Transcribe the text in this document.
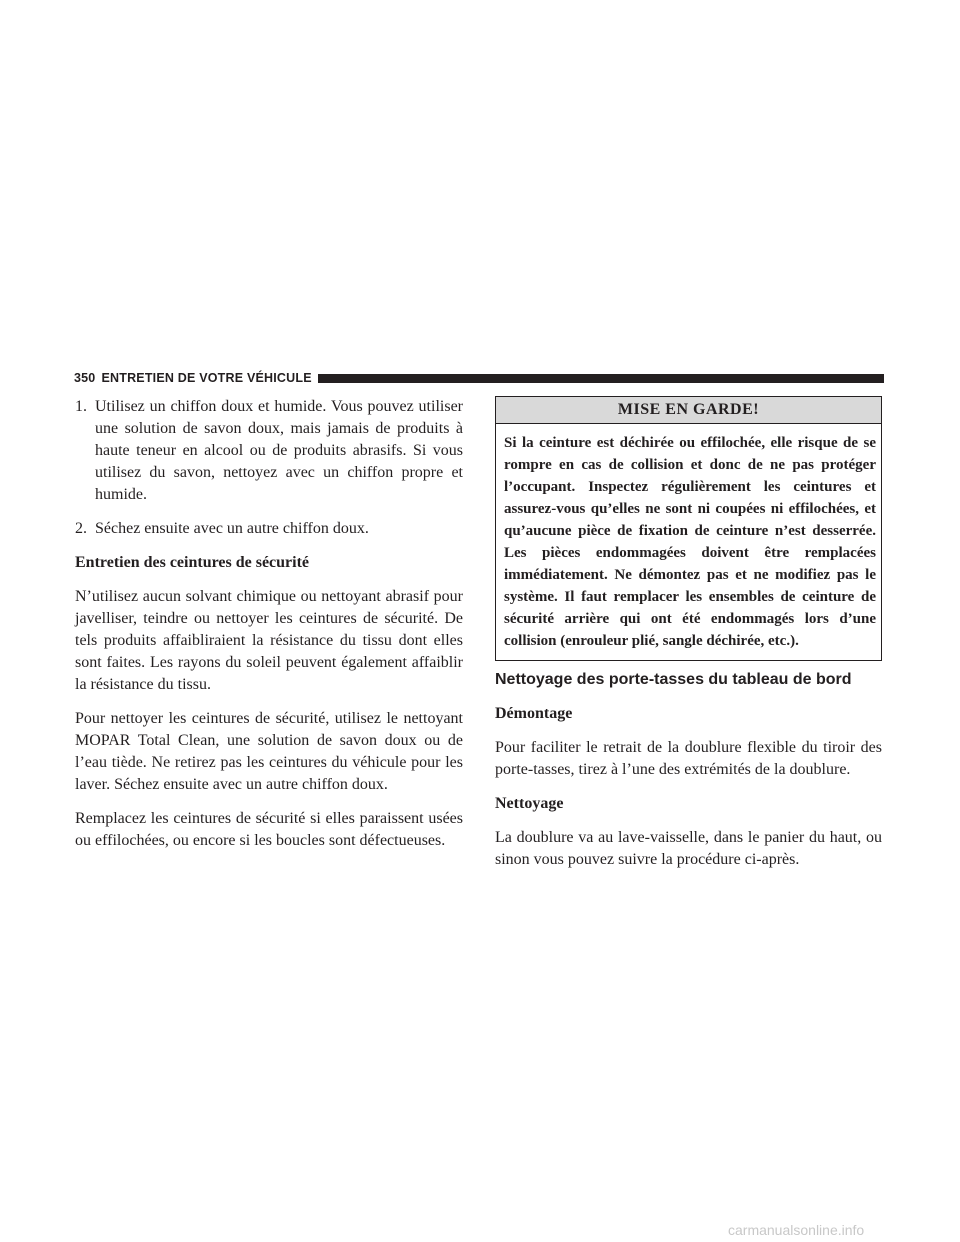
350 ENTRETIEN DE VOTRE VÉHICULE
1. Utilisez un chiffon doux et humide. Vous pouvez utiliser une solution de savon doux, mais jamais de produits à haute teneur en alcool ou de produits abrasifs. Si vous utilisez du savon, nettoyez avec un chiffon propre et humide.
2. Séchez ensuite avec un autre chiffon doux.

Entretien des ceintures de sécurité

N’utilisez aucun solvant chimique ou nettoyant abrasif pour javelliser, teindre ou nettoyer les ceintures de sécurité. De tels produits affaibliraient la résistance du tissu dont elles sont faites. Les rayons du soleil peuvent également affaiblir la résistance du tissu.

Pour nettoyer les ceintures de sécurité, utilisez le nettoyant MOPAR Total Clean, une solution de savon doux ou de l’eau tiède. Ne retirez pas les ceintures du véhicule pour les laver. Séchez ensuite avec un autre chiffon doux.

Remplacez les ceintures de sécurité si elles paraissent usées ou effilochées, ou encore si les boucles sont défectueuses.

MISE EN GARDE!
Si la ceinture est déchirée ou effilochée, elle risque de se rompre en cas de collision et donc de ne pas protéger l’occupant. Inspectez régulièrement les ceintures et assurez-vous qu’elles ne sont ni coupées ni effilochées, et qu’aucune pièce de fixation de ceinture n’est desserrée. Les pièces endommagées doivent être remplacées immédiatement. Ne démontez pas et ne modifiez pas le système. Il faut remplacer les ensembles de ceinture de sécurité arrière qui ont été endommagés lors d’une collision (enrouleur plié, sangle déchirée, etc.).
Nettoyage des porte-tasses du tableau de bord

Démontage

Pour faciliter le retrait de la doublure flexible du tiroir des porte-tasses, tirez à l’une des extrémités de la doublure.

Nettoyage

La doublure va au lave-vaisselle, dans le panier du haut, ou sinon vous pouvez suivre la procédure ci-après.

carmanualsonline.info
